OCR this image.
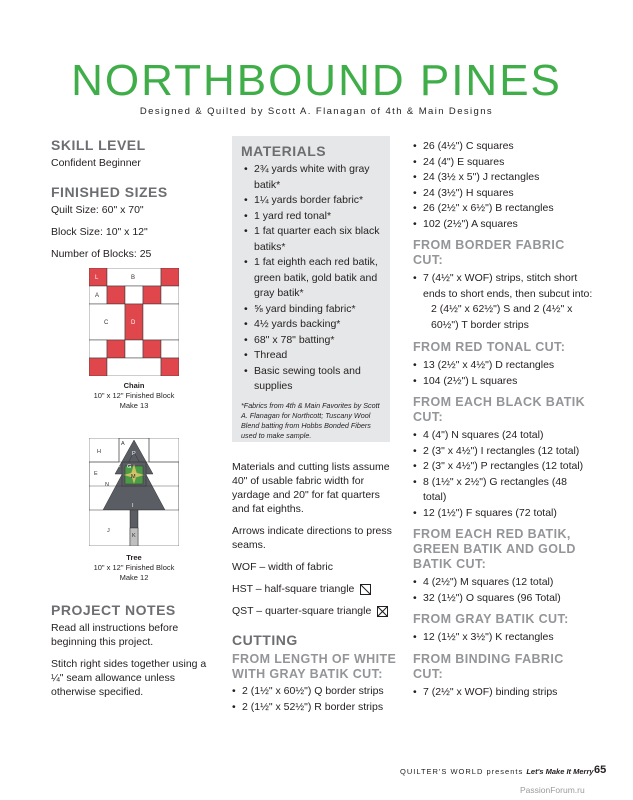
NORTHBOUND PINES
Designed & Quilted by Scott A. Flanagan of 4th & Main Designs
SKILL LEVEL
Confident Beginner
FINISHED SIZES
Quilt Size: 60" x 70"
Block Size: 10" x 12"
Number of Blocks: 25
L	B
A
C	D
Chain
10" x 12" Finished Block
Make 13
A
H	P
E
F G
M
N
I
J
K
Tree
10" x 12" Finished Block
Make 12
PROJECT NOTES
Read all instructions before beginning this project.
Stitch right sides together using a ¼" seam allowance unless otherwise specified.
MATERIALS
• 2¾ yards white with gray batik*
• 1¼ yards border fabric*
• 1 yard red tonal*
• 1 fat quarter each six black batiks*
• 1 fat eighth each red batik, green batik, gold batik and gray batik*
• ⅝ yard binding fabric*
• 4½ yards backing*
• 68" x 78" batting*
• Thread
• Basic sewing tools and supplies
*Fabrics from 4th & Main Favorites by Scott A. Flanagan for Northcott; Tuscany Wool Blend batting from Hobbs Bonded Fibers used to make sample.
Materials and cutting lists assume 40" of usable fabric width for yardage and 20" for fat quarters and fat eighths.
Arrows indicate directions to press seams.
WOF – width of fabric
HST – half-square triangle
QST – quarter-square triangle
CUTTING
FROM LENGTH OF WHITE WITH GRAY BATIK CUT:
• 2 (1½" x 60½") Q border strips
• 2 (1½" x 52½") R border strips
• 26 (4½") C squares
• 24 (4") E squares
• 24 (3½ x 5") J rectangles
• 24 (3½") H squares
• 26 (2½" x 6½") B rectangles
• 102 (2½") A squares
FROM BORDER FABRIC CUT:
• 7 (4½" x WOF) strips, stitch short ends to short ends, then subcut into:
2 (4½" x 62½") S and 2 (4½" x 60½") T border strips
FROM RED TONAL CUT:
• 13 (2½" x 4½") D rectangles
• 104 (2½") L squares
FROM EACH BLACK BATIK CUT:
• 4 (4") N squares (24 total)
• 2 (3" x 4½") I rectangles (12 total)
• 2 (3" x 4½") P rectangles (12 total)
• 8 (1½" x 2½") G rectangles (48 total)
• 12 (1½") F squares (72 total)
FROM EACH RED BATIK, GREEN BATIK AND GOLD BATIK CUT:
• 4 (2½") M squares (12 total)
• 32 (1½") O squares (96 Total)
FROM GRAY BATIK CUT:
• 12 (1½" x 3½") K rectangles
FROM BINDING FABRIC CUT:
• 7 (2½" x WOF) binding strips
QUILTER'S WORLD presents Let's Make It Merry 65
PassionForum.ru
